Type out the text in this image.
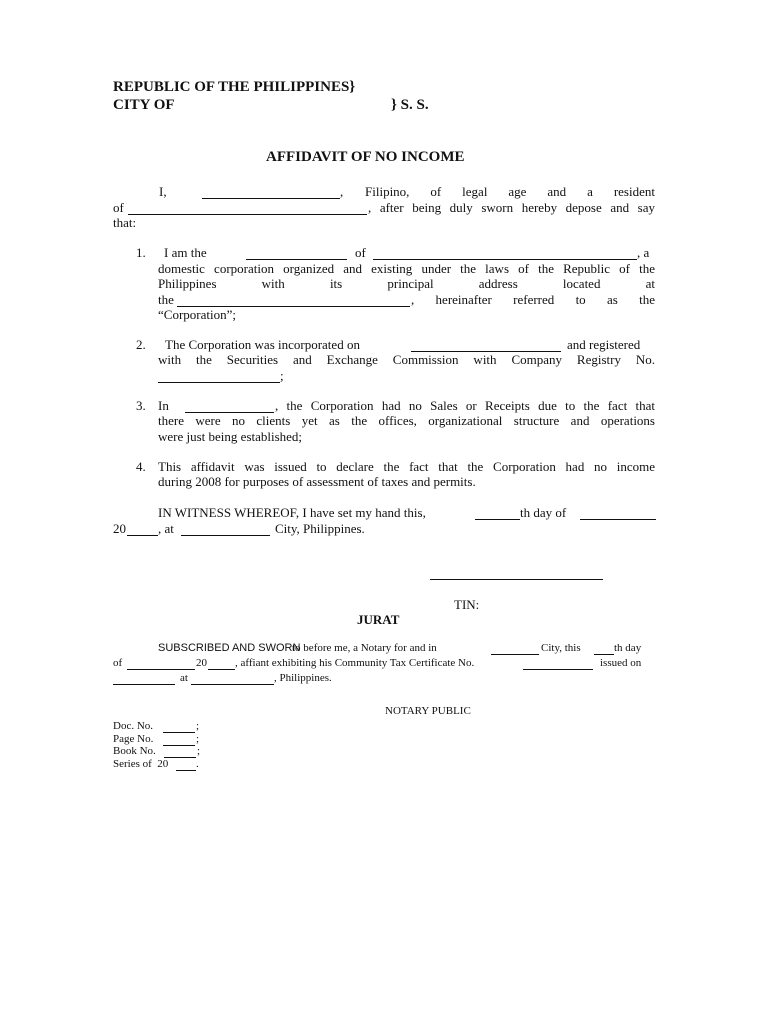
REPUBLIC OF THE PHILIPPINES}
CITY OF	} S. S.
AFFIDAVIT OF NO INCOME
I,	, Filipino, of legal age and a resident
of	, after being duly sworn hereby depose and say
that:
1. I am the	of	, a
domestic corporation organized and existing under the laws of the Republic of the
Philippines with its principal address located at
the	, hereinafter referred to as the
“Corporation”;
2. The Corporation was incorporated on	and registered
with the Securities and Exchange Commission with Company Registry No.
;
3. In	, the Corporation had no Sales or Receipts due to the fact that
there were no clients yet as the offices, organizational structure and operations
were just being established;
4. This affidavit was issued to declare the fact that the Corporation had no income
during 2008 for purposes of assessment of taxes and permits.
IN WITNESS WHEREOF, I have set my hand this,	th day of
20 , at	City, Philippines.
TIN:
JURAT
SUBSCRIBED AND SWORN
to before me, a Notary for and in	City, this	th day
of	20	, affiant exhibiting his Community Tax Certificate No.	issued on
at	, Philippines.
NOTARY PUBLIC
Doc. No.	;
Page No.	;
Book No.	;
Series of  20	.
